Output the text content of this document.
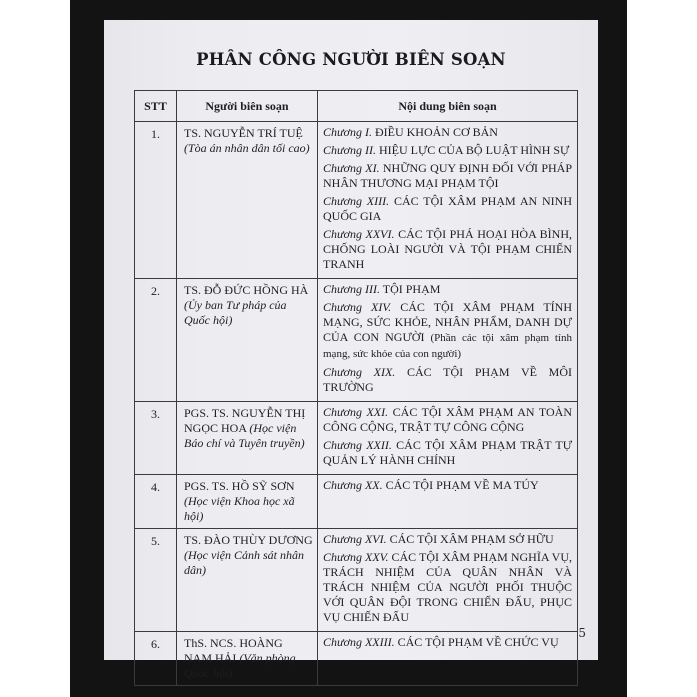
PHÂN CÔNG NGƯỜI BIÊN SOẠN
STT	Người biên soạn	Nội dung biên soạn
1.	TS. NGUYỄN TRÍ TUỆ (Tòa án nhân dân tối cao)	Chương I. ĐIỀU KHOẢN CƠ BẢN
Chương II. HIỆU LỰC CỦA BỘ LUẬT HÌNH SỰ
Chương XI. NHỮNG QUY ĐỊNH ĐỐI VỚI PHÁP NHÂN THƯƠNG MẠI PHẠM TỘI
Chương XIII. CÁC TỘI XÂM PHẠM AN NINH QUỐC GIA
Chương XXVI. CÁC TỘI PHÁ HOẠI HÒA BÌNH, CHỐNG LOÀI NGƯỜI VÀ TỘI PHẠM CHIẾN TRANH

2.	TS. ĐỖ ĐỨC HỒNG HÀ (Ủy ban Tư pháp của Quốc hội)	Chương III. TỘI PHẠM
Chương XIV. CÁC TỘI XÂM PHẠM TÍNH MẠNG, SỨC KHỎE, NHÂN PHẨM, DANH DỰ CỦA CON NGƯỜI (Phần các tội xâm phạm tính mạng, sức khỏe của con người)
Chương XIX. CÁC TỘI PHẠM VỀ MÔI TRƯỜNG

3.	PGS. TS. NGUYỄN THỊ NGỌC HOA (Học viện Báo chí và Tuyên truyền)	Chương XXI. CÁC TỘI XÂM PHẠM AN TOÀN CÔNG CỘNG, TRẬT TỰ CÔNG CỘNG
Chương XXII. CÁC TỘI XÂM PHẠM TRẬT TỰ QUẢN LÝ HÀNH CHÍNH

4.	PGS. TS. HỒ SỸ SƠN (Học viện Khoa học xã hội)	Chương XX. CÁC TỘI PHẠM VỀ MA TÚY

5.	TS. ĐÀO THÙY DƯƠNG (Học viện Cảnh sát nhân dân)	Chương XVI. CÁC TỘI XÂM PHẠM SỞ HỮU
Chương XXV. CÁC TỘI XÂM PHẠM NGHĨA VỤ, TRÁCH NHIỆM CỦA QUÂN NHÂN VÀ TRÁCH NHIỆM CỦA NGƯỜI PHỐI THUỘC VỚI QUÂN ĐỘI TRONG CHIẾN ĐẤU, PHỤC VỤ CHIẾN ĐẤU

6.	ThS. NCS. HOÀNG NAM HẢI (Văn phòng Quốc hội)	Chương XXIII. CÁC TỘI PHẠM VỀ CHỨC VỤ
5
